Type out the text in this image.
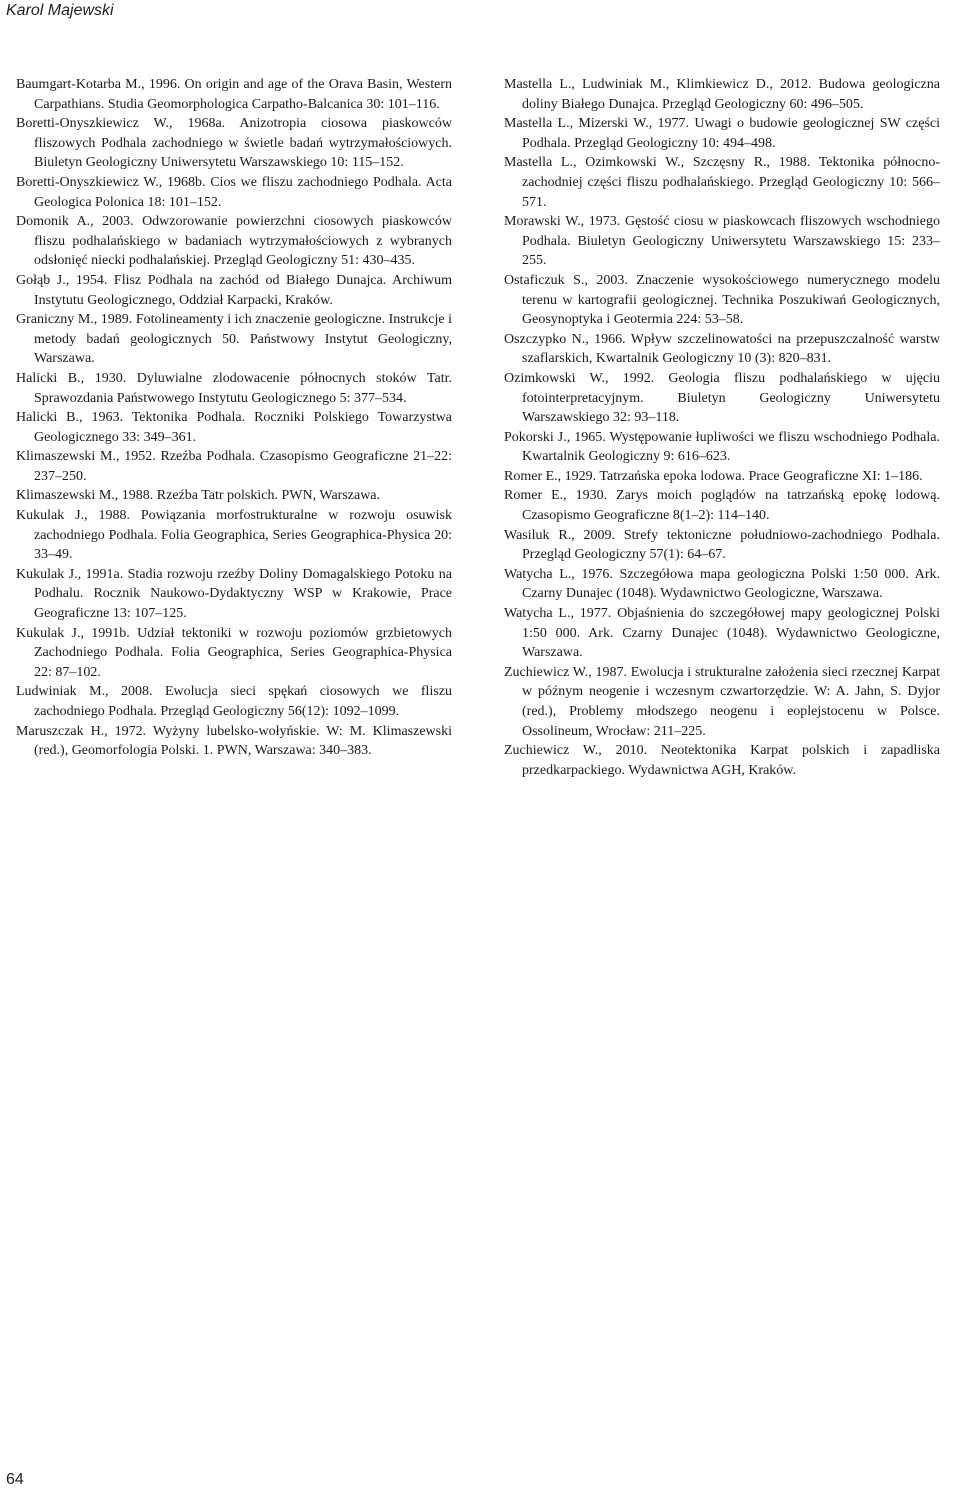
Karol Majewski

Baumgart-Kotarba M., 1996. On origin and age of the Orava Basin, Western Carpathians. Studia Geomorphologica Carpatho-Balcanica 30: 101–116.

Boretti-Onyszkiewicz W., 1968a. Anizotropia ciosowa piaskowców fliszowych Podhala zachodniego w świetle badań wytrzymałościowych. Biuletyn Geologiczny Uniwersytetu Warszawskiego 10: 115–152.

Boretti-Onyszkiewicz W., 1968b. Cios we fliszu zachodniego Podhala. Acta Geologica Polonica 18: 101–152.

Domonik A., 2003. Odwzorowanie powierzchni ciosowych piaskowców fliszu podhalańskiego w badaniach wytrzymałościowych z wybranych odsłonięć niecki podhalańskiej. Przegląd Geologiczny 51: 430–435.

Gołąb J., 1954. Flisz Podhala na zachód od Białego Dunajca. Archiwum Instytutu Geologicznego, Oddział Karpacki, Kraków.

Graniczny M., 1989. Fotolineamenty i ich znaczenie geologiczne. Instrukcje i metody badań geologicznych 50. Państwowy Instytut Geologiczny, Warszawa.

Halicki B., 1930. Dyluwialne zlodowacenie północnych stoków Tatr. Sprawozdania Państwowego Instytutu Geologicznego 5: 377–534.

Halicki B., 1963. Tektonika Podhala. Roczniki Polskiego Towarzystwa Geologicznego 33: 349–361.

Klimaszewski M., 1952. Rzeźba Podhala. Czasopismo Geograficzne 21–22: 237–250.

Klimaszewski M., 1988. Rzeźba Tatr polskich. PWN, Warszawa.

Kukulak J., 1988. Powiązania morfostrukturalne w rozwoju osuwisk zachodniego Podhala. Folia Geographica, Series Geographica-Physica 20: 33–49.

Kukulak J., 1991a. Stadia rozwoju rzeźby Doliny Domagalskiego Potoku na Podhalu. Rocznik Naukowo-Dydaktyczny WSP w Krakowie, Prace Geograficzne 13: 107–125.

Kukulak J., 1991b. Udział tektoniki w rozwoju poziomów grzbietowych Zachodniego Podhala. Folia Geographica, Series Geographica-Physica 22: 87–102.

Ludwiniak M., 2008. Ewolucja sieci spękań ciosowych we fliszu zachodniego Podhala. Przegląd Geologiczny 56(12): 1092–1099.

Maruszczak H., 1972. Wyżyny lubelsko-wołyńskie. W: M. Klimaszewski (red.), Geomorfologia Polski. 1. PWN, Warszawa: 340–383.

Mastella L., Ludwiniak M., Klimkiewicz D., 2012. Budowa geologiczna doliny Białego Dunajca. Przegląd Geologiczny 60: 496–505.

Mastella L., Mizerski W., 1977. Uwagi o budowie geologicznej SW części Podhala. Przegląd Geologiczny 10: 494–498.

Mastella L., Ozimkowski W., Szczęsny R., 1988. Tektonika północno-zachodniej części fliszu podhalańskiego. Przegląd Geologiczny 10: 566–571.

Morawski W., 1973. Gęstość ciosu w piaskowcach fliszowych wschodniego Podhala. Biuletyn Geologiczny Uniwersytetu Warszawskiego 15: 233–255.

Ostaficzuk S., 2003. Znaczenie wysokościowego numerycznego modelu terenu w kartografii geologicznej. Technika Poszukiwań Geologicznych, Geosynoptyka i Geotermia 224: 53–58.

Oszczypko N., 1966. Wpływ szczelinowatości na przepuszczalność warstw szaflarskich, Kwartalnik Geologiczny 10 (3): 820–831.

Ozimkowski W., 1992. Geologia fliszu podhalańskiego w ujęciu fotointerpretacyjnym. Biuletyn Geologiczny Uniwersytetu Warszawskiego 32: 93–118.

Pokorski J., 1965. Występowanie łupliwości we fliszu wschodniego Podhala. Kwartalnik Geologiczny 9: 616–623.

Romer E., 1929. Tatrzańska epoka lodowa. Prace Geograficzne XI: 1–186.

Romer E., 1930. Zarys moich poglądów na tatrzańską epokę lodową. Czasopismo Geograficzne 8(1–2): 114–140.

Wasiluk R., 2009. Strefy tektoniczne południowo-zachodniego Podhala. Przegląd Geologiczny 57(1): 64–67.

Watycha L., 1976. Szczegółowa mapa geologiczna Polski 1:50 000. Ark. Czarny Dunajec (1048). Wydawnictwo Geologiczne, Warszawa.

Watycha L., 1977. Objaśnienia do szczegółowej mapy geologicznej Polski 1:50 000. Ark. Czarny Dunajec (1048). Wydawnictwo Geologiczne, Warszawa.

Zuchiewicz W., 1987. Ewolucja i strukturalne założenia sieci rzecznej Karpat w późnym neogenie i wczesnym czwartorzędzie. W: A. Jahn, S. Dyjor (red.), Problemy młodszego neogenu i eoplejstocenu w Polsce. Ossolineum, Wrocław: 211–225.

Zuchiewicz W., 2010. Neotektonika Karpat polskich i zapadliska przedkarpackiego. Wydawnictwa AGH, Kraków.

64
